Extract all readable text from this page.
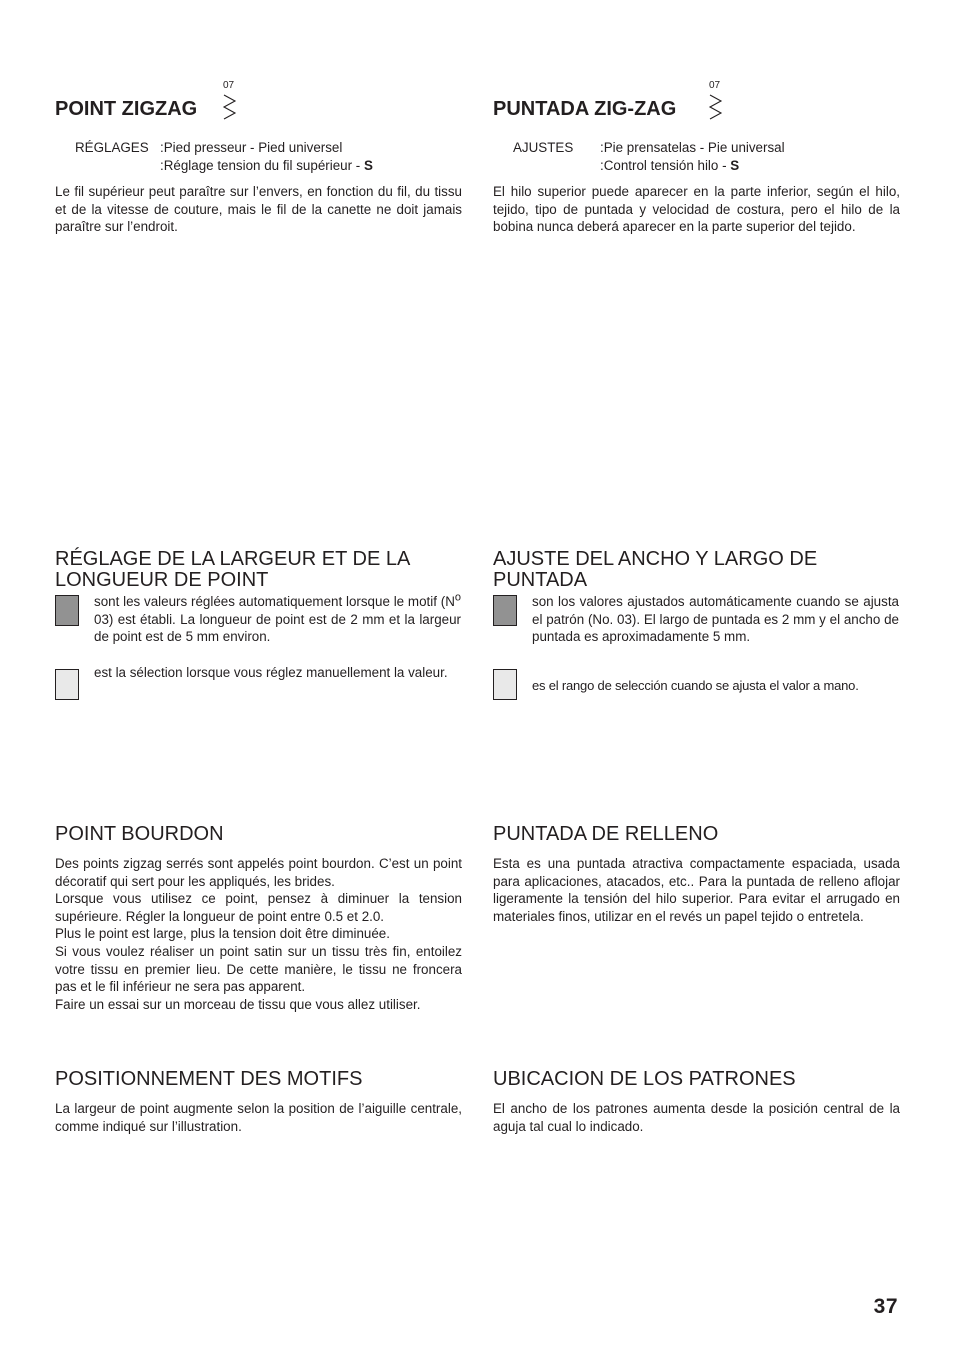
POINT ZIGZAG
07
RÉGLAGES :Pied presseur - Pied universel
:Réglage tension du fil supérieur - S
Le fil supérieur peut paraître sur l’envers, en fonction du fil, du tissu et de la vitesse de couture, mais le fil de la canette ne doit jamais paraître sur l’endroit.
RÉGLAGE DE LA LARGEUR ET DE LA
LONGUEUR DE POINT
sont les valeurs réglées automatiquement lorsque le motif ($N^o$ 03) est établi. La longueur de point est de 2 mm et la largeur de point est de 5 mm environ.
est la sélection lorsque vous réglez manuellement la valeur.
POINT BOURDON

Des points zigzag serrés sont appelés point bourdon. C’est un point décoratif qui sert pour les appliqués, les brides.

Lorsque vous utilisez ce point, pensez à diminuer la tension supérieure. Régler la longueur de point entre 0.5 et 2.0.

Plus le point est large, plus la tension doit être diminuée.

Si vous voulez réaliser un point satin sur un tissu très fin, entoilez votre tissu en premier lieu. De cette manière, le tissu ne froncera pas et le fil inférieur ne sera pas apparent.

Faire un essai sur un morceau de tissu que vous allez utiliser.

POSITIONNEMENT DES MOTIFS
La largeur de point augmente selon la position de l’aiguille centrale, comme indiqué sur l’illustration.
PUNTADA ZIG-ZAG
07
AJUSTES :Pie prensatelas - Pie universal
:Control tensión hilo - S
El hilo superior puede aparecer en la parte inferior, según el hilo, tejido, tipo de puntada y velocidad de costura, pero el hilo de la bobina nunca deberá aparecer en la parte superior del tejido.
AJUSTE DEL ANCHO Y LARGO DE
PUNTADA
son los valores ajustados automáticamente cuando se ajusta el patrón (No. 03). El largo de puntada es 2 mm y el ancho de puntada es aproximadamente 5 mm.
es el rango de selección cuando se ajusta el valor a mano.
PUNTADA DE RELLENO
Esta es una puntada atractiva compactamente espaciada, usada para aplicaciones, atacados, etc.. Para la puntada de relleno aflojar ligeramente la tensión del hilo superior. Para evitar el arrugado en materiales finos, utilizar en el revés un papel tejido o entretela.
UBICACION DE LOS PATRONES
El ancho de los patrones aumenta desde la posición central de la aguja tal cual lo indicado.
37
